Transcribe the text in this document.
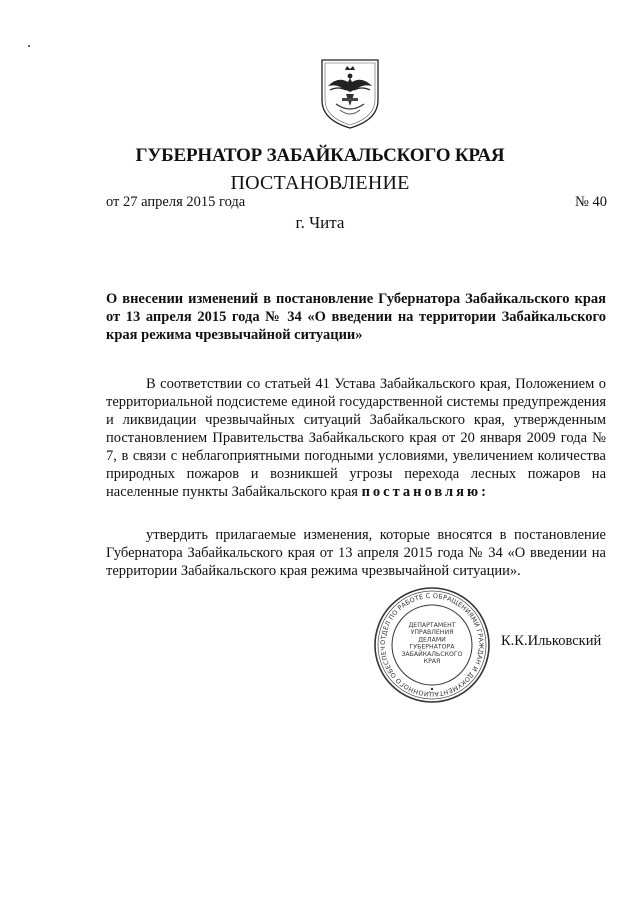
ГУБЕРНАТОР ЗАБАЙКАЛЬСКОГО КРАЯ
ПОСТАНОВЛЕНИЕ
от 27 апреля 2015 года	№ 40
г. Чита
О внесении изменений в постановление Губернатора Забайкальского края от 13 апреля 2015 года № 34 «О введении на территории Забайкальского края режима чрезвычайной ситуации»
В соответствии со статьей 41 Устава Забайкальского края, Положением о территориальной подсистеме единой государственной системы предупреждения и ликвидации чрезвычайных ситуаций Забайкальского края, утвержденным постановлением Правительства Забайкальского края от 20 января 2009 года № 7, в связи с неблагоприятными погодными условиями, увеличением количества природных пожаров и возникшей угрозы перехода лесных пожаров на населенные пункты Забайкальского края постановляю:
утвердить прилагаемые изменения, которые вносятся в постановление Губернатора Забайкальского края от 13 апреля 2015 года № 34 «О введении на территории Забайкальского края режима чрезвычайной ситуации».
ОТДЕЛ ПО РАБОТЕ С ОБРАЩЕНИЯМИ ГРАЖДАН И ДОКУМЕНТАЦИОННОГО ОБЕСПЕЧ
ДЕПАРТАМЕНТ УПРАВЛЕНИЯ ДЕЛАМИ ГУБЕРНАТОРА ЗАБАЙКАЛЬСКОГО КРАЯ
К.К.Ильковский
